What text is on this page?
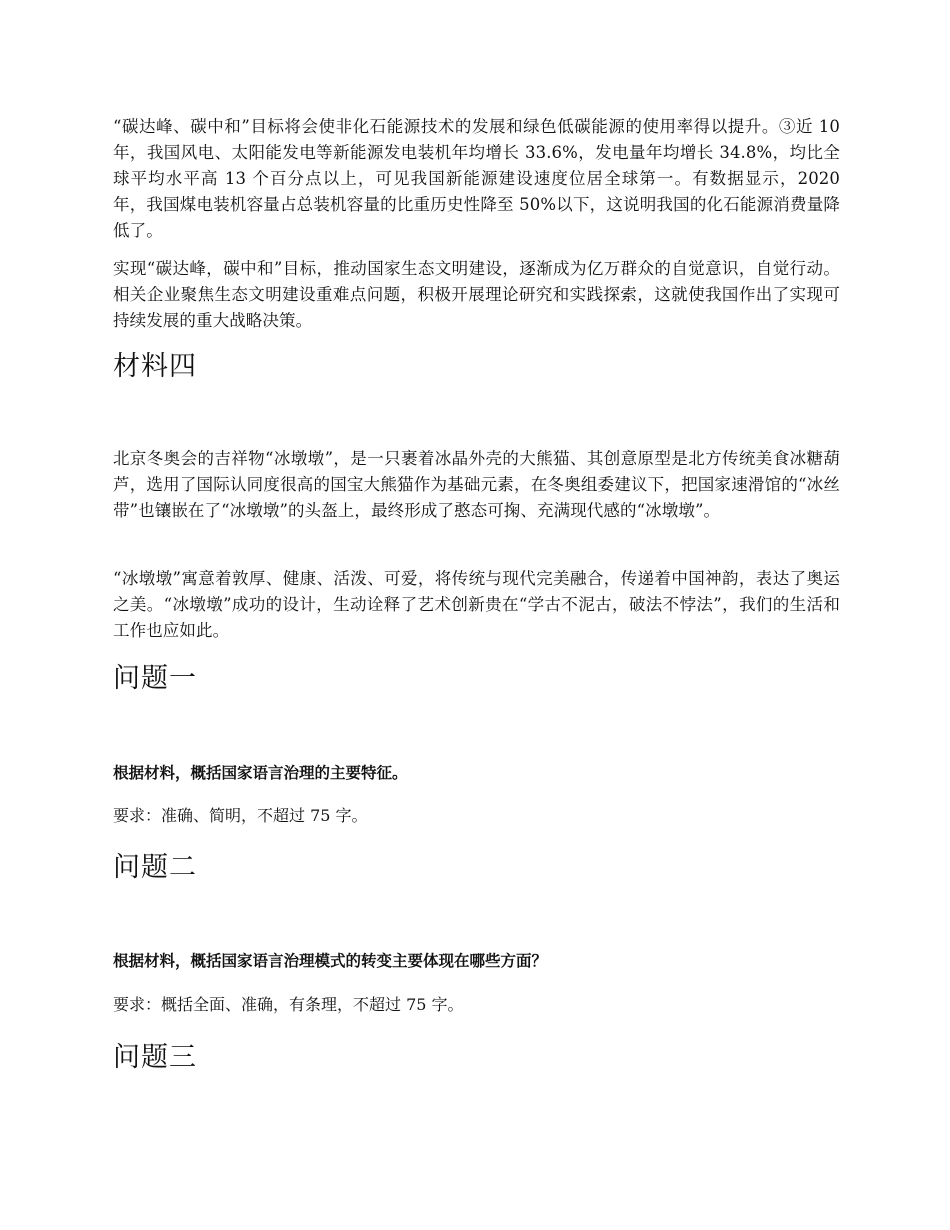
“碳达峰、碳中和”目标将会使非化石能源技术的发展和绿色低碳能源的使用率得以提升。③近 10 年，我国风电、太阳能发电等新能源发电装机年均增长 33.6%，发电量年均增长 34.8%，均比全球平均水平高 13 个百分点以上，可见我国新能源建设速度位居全球第一。有数据显示，2020 年，我国煤电装机容量占总装机容量的比重历史性降至 50%以下，这说明我国的化石能源消费量降低了。

实现“碳达峰，碳中和”目标，推动国家生态文明建设，逐渐成为亿万群众的自觉意识，自觉行动。相关企业聚焦生态文明建设重难点问题，积极开展理论研究和实践探索，这就使我国作出了实现可持续发展的重大战略决策。

材料四

北京冬奥会的吉祥物“冰墩墩”，是一只裹着冰晶外壳的大熊猫、其创意原型是北方传统美食冰糖葫芦，选用了国际认同度很高的国宝大熊猫作为基础元素，在冬奥组委建议下，把国家速滑馆的“冰丝带”也镶嵌在了“冰墩墩”的头盔上，最终形成了憨态可掬、充满现代感的“冰墩墩”。

“冰墩墩”寓意着敦厚、健康、活泼、可爱，将传统与现代完美融合，传递着中国神韵，表达了奥运之美。“冰墩墩”成功的设计，生动诠释了艺术创新贵在“学古不泥古，破法不悖法”，我们的生活和工作也应如此。

问题一

根据材料，概括国家语言治理的主要特征。

要求：准确、简明，不超过 75 字。

问题二

根据材料，概括国家语言治理模式的转变主要体现在哪些方面？

要求：概括全面、准确，有条理，不超过 75 字。

问题三
